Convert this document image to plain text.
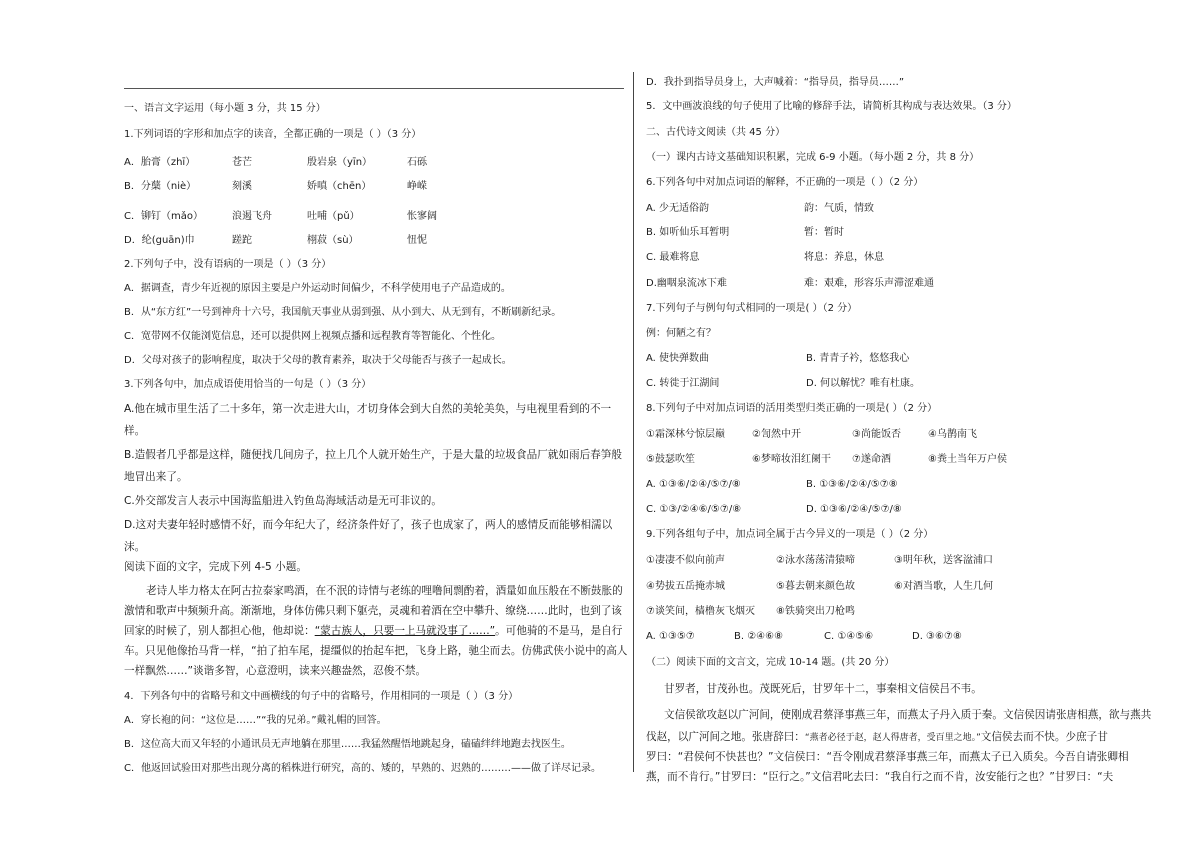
一、语言文字运用（每小题 3 分，共 15 分）
1.下列词语的字形和加点字的读音，全都正确的一项是（ ）（3 分）
A．胎膏（zhī）	苍芒	殷岩泉（yīn）	石砾
B．分蘖（niè）	刻溪	娇嗔（chēn）	峥嵘
C．铆钉（mǎo）	浪遏飞舟	吐哺（pǔ）	怅寥阔
D．纶(guān)巾	蹉跎	栩菽（sù）	忸怩
2.下列句子中，没有语病的一项是（ ）（3 分）
A．据调查，青少年近视的原因主要是户外运动时间偏少，不科学使用电子产品造成的。
B．从“东方红”一号到神舟十六号，我国航天事业从弱到强、从小到大、从无到有，不断刷新纪录。
C．宽带网不仅能浏览信息，还可以提供网上视频点播和远程教育等智能化、个性化。
D．父母对孩子的影响程度，取决于父母的教育素养，取决于父母能否与孩子一起成长。
3.下列各句中，加点成语使用恰当的一句是（ ）（3 分）
A.他在城市里生活了二十多年，第一次走进大山，才切身体会到大自然的美轮美奂，与电视里看到的不一
样。
B.造假者几乎都是这样，随便找几间房子，拉上几个人就开始生产，于是大量的垃圾食品厂就如雨后春笋般
地冒出来了。
C.外交部发言人表示中国海监船进入钓鱼岛海域活动是无可非议的。
D.这对夫妻年轻时感情不好，而今年纪大了，经济条件好了，孩子也成家了，两人的感情反而能够相濡以
沫。
阅读下面的文字，完成下列 4-5 小题。
老诗人毕力格太在阿古拉泰家鸣酒，在不泯的诗情与老练的哩噜间剽酌着，酒量如血压般在不断鼓胀的
激情和歌声中频频升高。渐渐地，身体仿佛只剩下躯壳，灵魂和着酒在空中攀升、缭绕……此时，也到了该
回家的时候了，别人都担心他，他却说：“蒙古族人，只要一上马就没事了……”。可他骑的不是马，是自行
车。只见他像抬马背一样，“拍了拍车尾，提缰似的抬起车把，飞身上路，驰尘而去。仿佛武侠小说中的高人
一样飘然……”谈谐多智，心意澄明，读来兴趣盎然，忍俊不禁。
4．下列各句中的省略号和文中画横线的句子中的省略号，作用相同的一项是（ ）（3 分）
A．穿长袍的问：“这位是……”“我的兄弟。”戴礼帽的回答。
B．这位高大而又年轻的小通讯员无声地躺在那里……我猛然醒悟地跳起身，磕磕绊绊地跑去找医生。
C．他返回试验田对那些出现分离的稻株进行研究，高的、矮的，早熟的、迟熟的………——做了详尽记录。
D．我扑到指导员身上，大声喊着：“指导员，指导员……”
5．文中画波浪线的句子使用了比喻的修辞手法，请简析其构成与表达效果。（3 分）
二、古代诗文阅读（共 45 分）
（一）课内古诗文基础知识积累，完成 6-9 小题。（每小题 2 分，共 8 分）
6.下列各句中对加点词语的解释，不正确的一项是（ ）（2 分）
A. 少无适俗韵	韵：气质，情致
B. 如听仙乐耳暂明	暂：暂时
C. 最难将息	将息：养息，休息
D.幽咽泉流冰下难	难：艰难，形容乐声滞涩难通
7.下列句子与例句句式相同的一项是( ）（2 分）
例：何陋之有？
A. 使快弹数曲	B. 青青子衿，悠悠我心
C. 转徙于江湖间	D. 何以解忧？唯有杜康。
8.下列句子中对加点词语的活用类型归类正确的一项是( ）（2 分）
①霜深林兮惊层巅	②訇然中开	③尚能饭否	④乌鹊南飞
⑤鼓瑟吹笙	⑥梦啼妆泪红阑干 ⑦遂命酒	⑧粪土当年万户侯
A. ①③⑥/②④/⑤⑦/⑧	B. ①③⑥/②④/⑤⑦⑧
C. ①③/②④⑥/⑤⑦/⑧	D. ①③⑥/②④/⑤⑦/⑧
9.下列各组句子中，加点词全属于古今异义的一项是（ ）（2 分）
①凄凄不似向前声	②泳水荡荡清猿啼	③明年秋，送客湓浦口
④势拔五岳掩赤城	⑤暮去朝来颜色故	⑥对酒当歌，人生几何
⑦谈笑间，樯橹灰飞烟灭 ⑧铁骑突出刀枪鸣
A. ①③⑤⑦	B. ②④⑥⑧	C. ①④⑤⑥	D. ③⑥⑦⑧
（二）阅读下面的文言文，完成 10-14 题。(共 20 分）
甘罗者，甘茂孙也。茂既死后，甘罗年十二，事秦相文信侯吕不韦。
文信侯欲攻赵以广河间，使刚成君蔡泽事燕三年，而燕太子丹入质于秦。文信侯因请张唐相燕，欲与燕共
伐赵，以广河间之地。张唐辞曰：“燕者必径于赵，赵人得唐者，受百里之地。”文信侯去而不快。少庶子甘
罗曰：“君侯何不快甚也？”文信侯曰：“吾令刚成君蔡泽事燕三年，而燕太子已入质矣。今吾自请张卿相
燕，而不肯行。”甘罗曰：“臣行之。”文信君叱去曰：“我自行之而不肯，汝安能行之也？”甘罗曰：“夫
